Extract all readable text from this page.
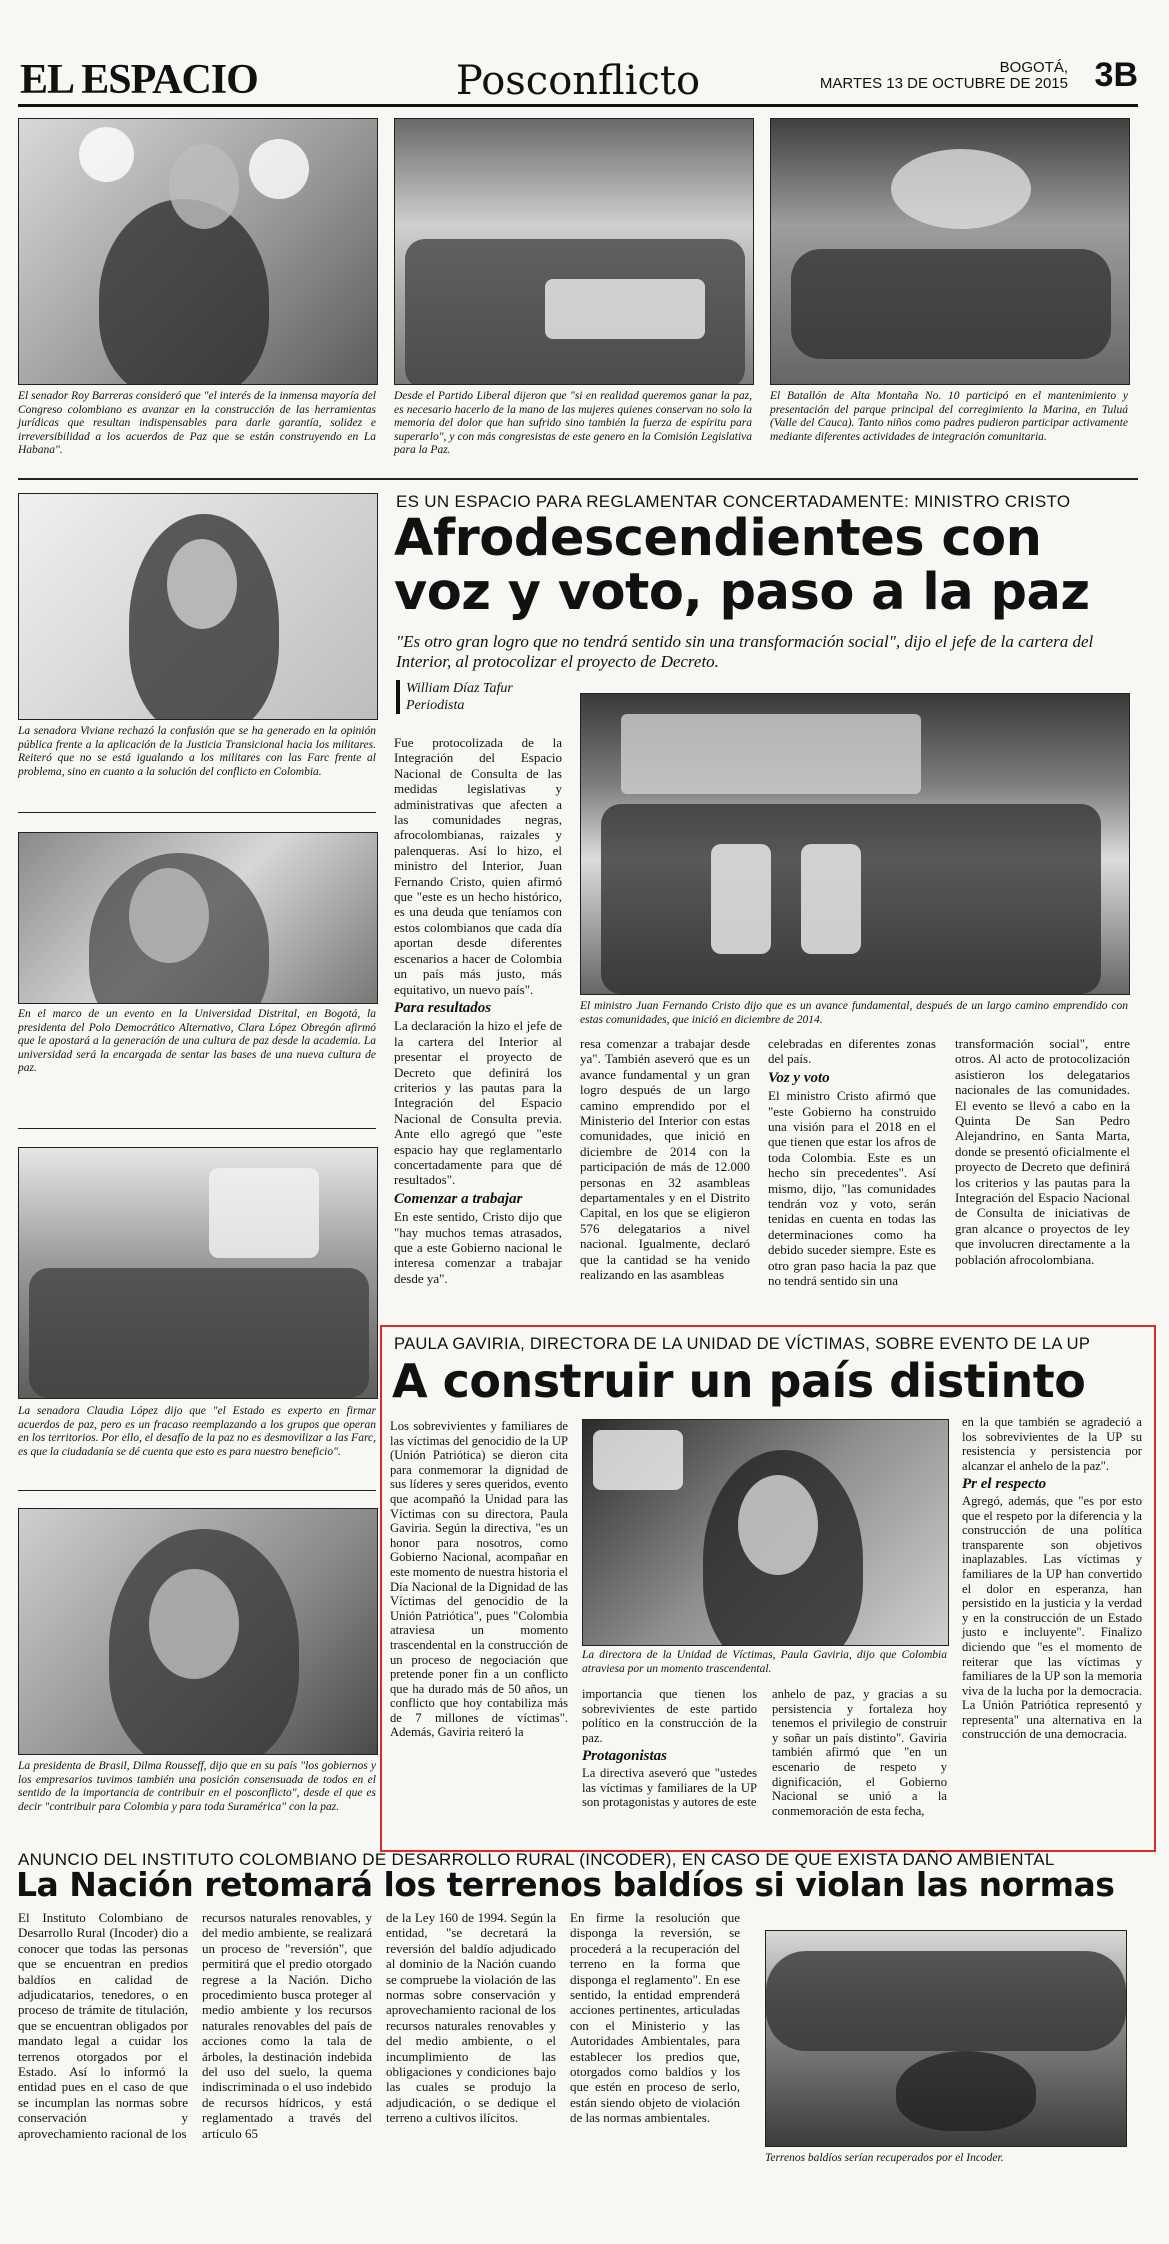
EL ESPACIO	Posconflicto	BOGOTÁ,
MARTES 13 DE OCTUBRE DE 2015 3B
El senador Roy Barreras consideró que "el interés de la inmensa mayoría del Congreso colombiano es avanzar en la construcción de las herramientas jurídicas que resultan indispensables para darle garantía, solidez e irreversibilidad a los acuerdos de Paz que se están construyendo en La Habana".
Desde el Partido Liberal dijeron que "si en realidad queremos ganar la paz, es necesario hacerlo de la mano de las mujeres quienes conservan no solo la memoria del dolor que han sufrido sino también la fuerza de espíritu para superarlo", y con más congresistas de este genero en la Comisión Legislativa para la Paz.
El Batallón de Alta Montaña No. 10 participó en el mantenimiento y presentación del parque principal del corregimiento la Marina, en Tuluá (Valle del Cauca). Tanto niños como padres pudieron participar activamente mediante diferentes actividades de integración comunitaria.
La senadora Viviane rechazó la confusión que se ha generado en la opinión pública frente a la aplicación de la Justicia Transicional hacia los militares. Reiteró que no se está igualando a los militares con las Farc frente al problema, sino en cuanto a la solución del conflicto en Colombia.
En el marco de un evento en la Universidad Distrital, en Bogotá, la presidenta del Polo Democrático Alternativo, Clara López Obregón afirmó que le apostará a la generación de una cultura de paz desde la academia. La universidad será la encargada de sentar las bases de una nueva cultura de paz.
La senadora Claudia López dijo que "el Estado es experto en firmar acuerdos de paz, pero es un fracaso reemplazando a los grupos que operan en los territorios. Por ello, el desafío de la paz no es desmovilizar a las Farc, es que la ciudadanía se dé cuenta que esto es para nuestro beneficio".
La presidenta de Brasil, Dilma Rousseff, dijo que en su país "los gobiernos y los empresarios tuvimos también una posición consensuada de todos en el sentido de la importancia de contribuir en el posconflicto", desde el que es decir "contribuir para Colombia y para toda Suramérica" con la paz.
ES UN ESPACIO PARA REGLAMENTAR CONCERTADAMENTE: MINISTRO CRISTO
Afrodescendientes con
voz y voto, paso a la paz
"Es otro gran logro que no tendrá sentido sin una transformación social", dijo el jefe de la cartera del Interior, al protocolizar el proyecto de Decreto.
William Díaz Tafur
Periodista

Fue protocolizada de la Integración del Espacio Nacional de Consulta de las medidas legislativas y administrativas que afecten a las comunidades negras, afrocolombianas, raizales y palenqueras. Así lo hizo, el ministro del Interior, Juan Fernando Cristo, quien afirmó que "este es un hecho histórico, es una deuda que teníamos con estos colombianos que cada día aportan desde diferentes escenarios a hacer de Colombia un país más justo, más equitativo, un nuevo país".

Para resultados

La declaración la hizo el jefe de la cartera del Interior al presentar el proyecto de Decreto que definirá los criterios y las pautas para la Integración del Espacio Nacional de Consulta previa. Ante ello agregó que "este espacio hay que reglamentarlo concertadamente para que dé resultados".

Comenzar a trabajar

En este sentido, Cristo dijo que "hay muchos temas atrasados, que a este Gobierno nacional le interesa comenzar a trabajar desde ya".

El ministro Juan Fernando Cristo dijo que es un avance fundamental, después de un largo camino emprendido con estas comunidades, que inició en diciembre de 2014.

resa comenzar a trabajar desde ya". También aseveró que es un avance fundamental y un gran logro después de un largo camino emprendido por el Ministerio del Interior con estas comunidades, que inició en diciembre de 2014 con la participación de más de 12.000 personas en 32 asambleas departamentales y en el Distrito Capital, en los que se eligieron 576 delegatarios a nivel nacional. Igualmente, declaró que la cantidad se ha venido realizando en las asambleas

celebradas en diferentes zonas del país.

Voz y voto

El ministro Cristo afirmó que "este Gobierno ha construido una visión para el 2018 en el que tienen que estar los afros de toda Colombia. Este es un hecho sin precedentes". Así mismo, dijo, "las comunidades tendrán voz y voto, serán tenidas en cuenta en todas las determinaciones como ha debido suceder siempre. Este es otro gran paso hacia la paz que no tendrá sentido sin una

transformación social", entre otros. Al acto de protocolización asistieron los delegatarios nacionales de las comunidades. El evento se llevó a cabo en la Quinta De San Pedro Alejandrino, en Santa Marta, donde se presentó oficialmente el proyecto de Decreto que definirá los criterios y las pautas para la Integración del Espacio Nacional de Consulta de iniciativas de gran alcance o proyectos de ley que involucren directamente a la población afrocolombiana.

PAULA GAVIRIA, DIRECTORA DE LA UNIDAD DE VÍCTIMAS, SOBRE EVENTO DE LA UP
A construir un país distinto
Los sobrevivientes y familiares de las víctimas del genocidio de la UP (Unión Patriótica) se dieron cita para conmemorar la dignidad de sus líderes y seres queridos, evento que acompañó la Unidad para las Víctimas con su directora, Paula Gaviria. Según la directiva, "es un honor para nosotros, como Gobierno Nacional, acompañar en este momento de nuestra historia el Día Nacional de la Dignidad de las Víctimas del genocidio de la Unión Patriótica", pues "Colombia atraviesa un momento trascendental en la construcción de un proceso de negociación que pretende poner fin a un conflicto que ha durado más de 50 años, un conflicto que hoy contabiliza más de 7 millones de víctimas". Además, Gaviria reiteró la
La directora de la Unidad de Víctimas, Paula Gaviria, dijo que Colombia atraviesa por un momento trascendental.

importancia que tienen los sobrevivientes de este partido político en la construcción de la paz.

Protagonistas

La directiva aseveró que "ustedes las víctimas y familiares de la UP son protagonistas y autores de este

anhelo de paz, y gracias a su persistencia y fortaleza hoy tenemos el privilegio de construir y soñar un país distinto". Gaviria también afirmó que "en un escenario de respeto y dignificación, el Gobierno Nacional se unió a la conmemoración de esta fecha,

en la que también se agradeció a los sobrevivientes de la UP su resistencia y persistencia por alcanzar el anhelo de la paz".

Pr el respecto

Agregó, además, que "es por esto que el respeto por la diferencia y la construcción de una política transparente son objetivos inaplazables. Las víctimas y familiares de la UP han convertido el dolor en esperanza, han persistido en la justicia y la verdad y en la construcción de un Estado justo e incluyente". Finalizo diciendo que "es el momento de reiterar que las víctimas y familiares de la UP son la memoria viva de la lucha por la democracia. La Unión Patriótica representó y representa" una alternativa en la construcción de una democracia.

ANUNCIO DEL INSTITUTO COLOMBIANO DE DESARROLLO RURAL (INCODER), EN CASO DE QUE EXISTA DAÑO AMBIENTAL
La Nación retomará los terrenos baldíos si violan las normas
El Instituto Colombiano de Desarrollo Rural (Incoder) dio a conocer que todas las personas que se encuentran en predios baldíos en calidad de adjudicatarios, tenedores, o en proceso de trámite de titulación, que se encuentran obligados por mandato legal a cuidar los terrenos otorgados por el Estado. Así lo informó la entidad pues en el caso de que se incumplan las normas sobre conservación y aprovechamiento racional de los
recursos naturales renovables, y del medio ambiente, se realizará un proceso de "reversión", que permitirá que el predio otorgado regrese a la Nación. Dicho procedimiento busca proteger al medio ambiente y los recursos naturales renovables del país de acciones como la tala de árboles, la destinación indebida del uso del suelo, la quema indiscriminada o el uso indebido de recursos hídricos, y está reglamentado a través del artículo 65
de la Ley 160 de 1994. Según la entidad, "se decretará la reversión del baldío adjudicado al dominio de la Nación cuando se compruebe la violación de las normas sobre conservación y aprovechamiento racional de los recursos naturales renovables y del medio ambiente, o el incumplimiento de las obligaciones y condiciones bajo las cuales se produjo la adjudicación, o se dedique el terreno a cultivos ilícitos.
En firme la resolución que disponga la reversión, se procederá a la recuperación del terreno en la forma que disponga el reglamento". En ese sentido, la entidad emprenderá acciones pertinentes, articuladas con el Ministerio y las Autoridades Ambientales, para establecer los predios que, otorgados como baldíos y los que estén en proceso de serlo, están siendo objeto de violación de las normas ambientales.
Terrenos baldíos serían recuperados por el Incoder.
